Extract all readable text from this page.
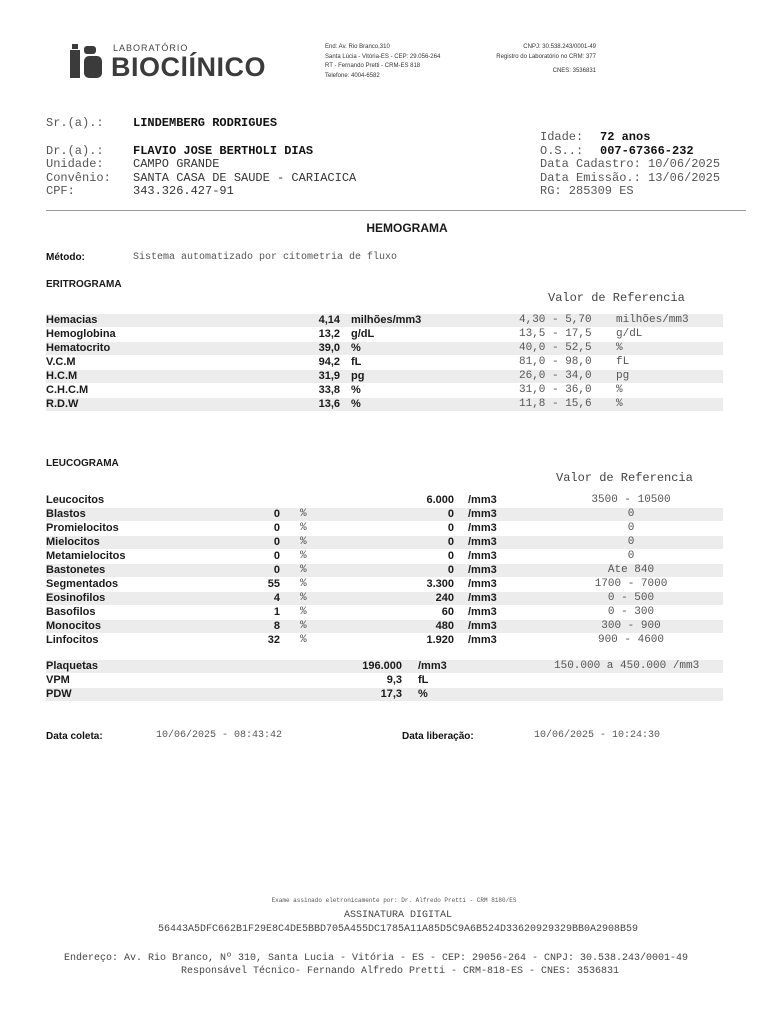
LABORATÓRIO
BIOClÍNICO
End: Av. Rio Branco,310
Santa Lúcia - Vitória-ES - CEP: 29.056-264
RT - Fernando Pretti - CRM-ES 818
Telefone: 4004-6582
CNPJ: 30.538.243/0001-49
Registro do Laboratório no CRM: 377
CNES: 3536831
Sr.(a).: LINDEMBERG RODRIGUES
Idade: 72 anos
Dr.(a).: FLAVIO JOSE BERTHOLI DIAS	O.S..: 007-67366-232
Unidade: CAMPO GRANDE	Data Cadastro: 10/06/2025
Convênio: SANTA CASA DE SAUDE - CARIACICA	Data Emissão.: 13/06/2025
CPF:	343.326.427-91	RG: 285309 ES
HEMOGRAMA
Método:	Sistema automatizado por citometria de fluxo
ERITROGRAMA
Valor de Referencia
Hemacias	4,14 milhões/mm3	4,30 - 5,70	milhões/mm3
Hemoglobina	13,2 g/dL	13,5 - 17,5	g/dL
Hematocrito	39,0 %	40,0 - 52,5	%
V.C.M	94,2 fL	81,0 - 98,0	fL
H.C.M	31,9 pg	26,0 - 34,0	pg
C.H.C.M	33,8 %	31,0 - 36,0	%
R.D.W	13,6 %	11,8 - 15,6	%
LEUCOGRAMA
Valor de Referencia
Leucocitos	6.000 /mm3	3500 - 10500
Blastos	0 %	0 /mm3	0
Promielocitos	0 %	0 /mm3	0
Mielocitos	0 %	0 /mm3	0
Metamielocitos	0 %	0 /mm3	0
Bastonetes	0 %	0 /mm3	Ate 840
Segmentados	55 %	3.300 /mm3	1700 - 7000
Eosinofilos	4 %	240 /mm3	0 - 500
Basofilos	1 %	60 /mm3	0 - 300
Monocitos	8 %	480 /mm3	300 - 900
Linfocitos	32 %	1.920 /mm3	900 - 4600
Plaquetas	196.000 /mm3	150.000 a 450.000 /mm3
VPM	9,3 fL
PDW	17,3 %
Data coleta:	10/06/2025 - 08:43:42	Data liberação:	10/06/2025 - 10:24:30
Exame assinado eletronicamente por: Dr. Alfredo Pretti - CRM 8180/ES
ASSINATURA DIGITAL
56443A5DFC662B1F29E8C4DE5BBD705A455DC1785A11A85D5C9A6B524D33620929329BB0A2908B59
Endereço: Av. Rio Branco, Nº 310, Santa Lucia - Vitória - ES - CEP: 29056-264 - CNPJ: 30.538.243/0001-49
Responsável Técnico- Fernando Alfredo Pretti - CRM-818-ES - CNES: 3536831
